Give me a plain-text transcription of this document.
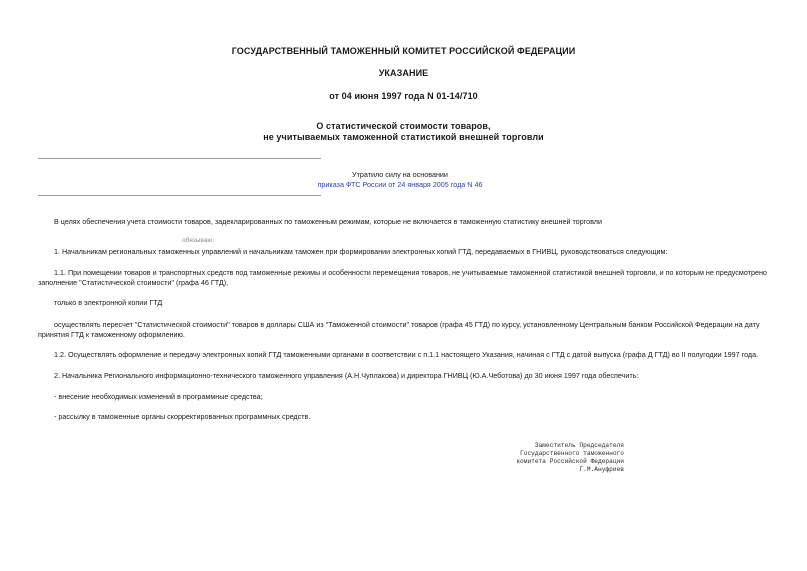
ГОСУДАРСТВЕННЫЙ ТАМОЖЕННЫЙ КОМИТЕТ РОССИЙСКОЙ ФЕДЕРАЦИИ
УКАЗАНИЕ
от 04 июня 1997 года N 01-14/710
О статистической стоимости товаров,
не учитываемых таможенной статистикой внешней торговли
Утратило силу на основании
приказа ФТС России от 24 января 2005 года N 46
В целях обеспечения учета стоимости товаров, задекларированных по таможенным режимам, которые не включается в таможенную статистику внешней торговли
обязываю:
1. Начальникам региональных таможенных управлений и начальникам таможен при формировании электронных копий ГТД, передаваемых в ГНИВЦ, руководствоваться следующим:
1.1. При помещении товаров и транспортных средств под таможенные режимы и особенности перемещения товаров, не учитываемые таможенной статистикой внешней торговли, и по которым не предусмотрено заполнение "Статистической стоимости" (графа 46 ГТД),
только в электронной копии ГТД
осуществлять пересчет "Статистической стоимости" товаров в доллары США из "Таможенной стоимости" товаров (графа 45 ГТД) по курсу, установленному Центральным банком Российской Федерации на дату принятия ГТД к таможенному оформлению.
1.2. Осуществлять оформление и передачу электронных копий ГТД таможенными органами в соответствии с п.1.1 настоящего Указания, начиная с ГТД с датой выпуска (графа Д ГТД) во II полугодии 1997 года.
2. Начальника Регионального информационно-технического таможенного управления (А.Н.Чуплакова) и директора ГНИВЦ (Ю.А.Чеботова) до 30 июня 1997 года обеспечить:
- внесение необходимых изменений в программные средства;
- рассылку в таможенные органы скорректированных программных средств.
Заместитель Председателя
Государственного таможенного
комитета Российской Федерации
Г.М.Ануфриев
